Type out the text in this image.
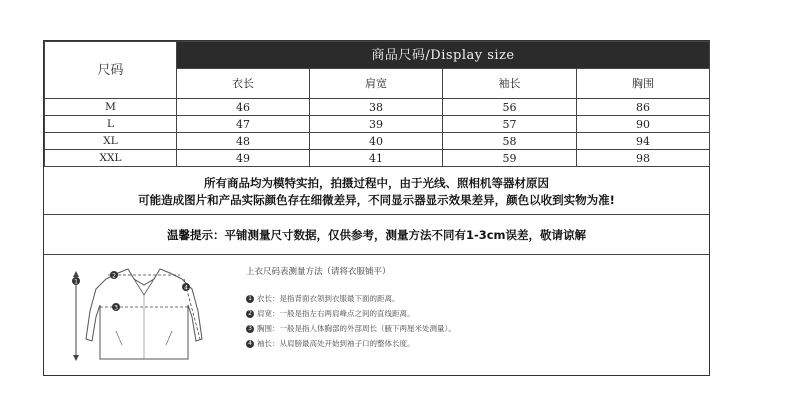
尺码	商品尺码/Display size			
	衣长	肩宽	袖长	胸围
M	46	38	56	86
L	47	39	57	90
XL	48	40	58	94
XXL	49	41	59	98
所有商品均为模特实拍，拍摄过程中，由于光线、照相机等器材原因
可能造成图片和产品实际颜色存在细微差异，不同显示器显示效果差异，颜色以收到实物为准!
温馨提示：平铺测量尺寸数据，仅供参考，测量方法不同有1-3cm误差，敬请谅解
1
2
3
4
上衣尺码表测量方法（请将衣服铺平）
1 衣长：是指背面衣领到衣服最下面的距离。
2 肩宽：一般是指左右两肩峰点之间的直线距离。
3 胸围：一般是指人体胸部的外部周长（腋下两厘米处测量）。
4 袖长：从肩膀最高处开始到袖子口的整体长度。
